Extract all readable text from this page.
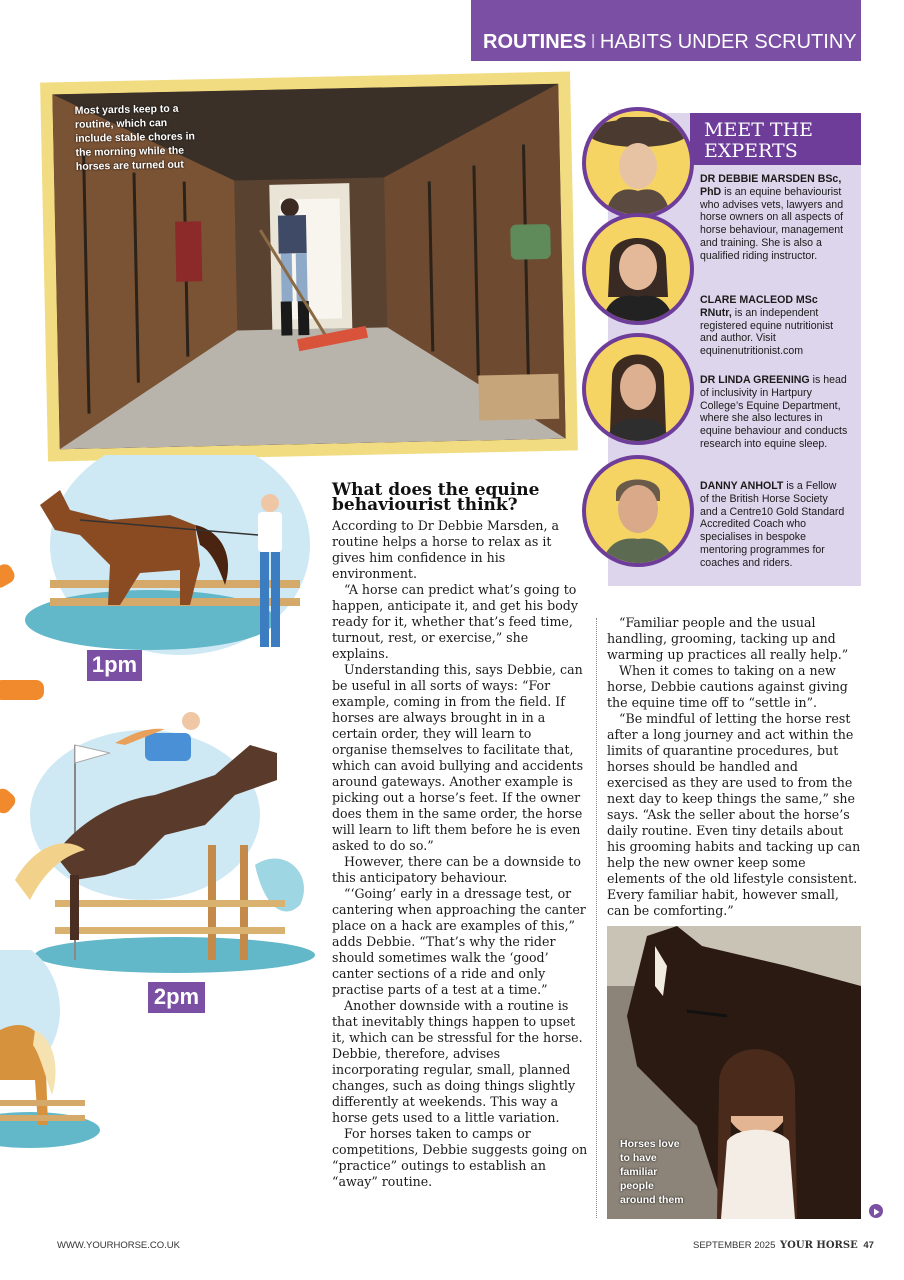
ROUTINES I HABITS UNDER SCRUTINY
Most yards keep to a routine, which can include stable chores in the morning while the horses are turned out
1pm
2pm
What does the equine behaviourist think?

According to Dr Debbie Marsden, a routine helps a horse to relax as it gives him confidence in his environment.

“A horse can predict what’s going to happen, anticipate it, and get his body ready for it, whether that’s feed time, turnout, rest, or exercise,” she explains.

Understanding this, says Debbie, can be useful in all sorts of ways: “For example, coming in from the field. If horses are always brought in in a certain order, they will learn to organise themselves to facilitate that, which can avoid bullying and accidents around gateways. Another example is picking out a horse’s feet. If the owner does them in the same order, the horse will learn to lift them before he is even asked to do so.”

However, there can be a downside to this anticipatory behaviour.

“‘Going’ early in a dressage test, or cantering when approaching the canter place on a hack are examples of this,” adds Debbie. “That’s why the rider should sometimes walk the ‘good’ canter sections of a ride and only practise parts of a test at a time.”

Another downside with a routine is that inevitably things happen to upset it, which can be stressful for the horse. Debbie, therefore, advises incorporating regular, small, planned changes, such as doing things slightly differently at weekends. This way a horse gets used to a little variation.

For horses taken to camps or competitions, Debbie suggests going on “practice” outings to establish an “away” routine.

“Familiar people and the usual handling, grooming, tacking up and warming up practices all really help.”

When it comes to taking on a new horse, Debbie cautions against giving the equine time off to “settle in”.

“Be mindful of letting the horse rest after a long journey and act within the limits of quarantine procedures, but horses should be handled and exercised as they are used to from the next day to keep things the same,” she says. “Ask the seller about the horse’s daily routine. Even tiny details about his grooming habits and tacking up can help the new owner keep some elements of the old lifestyle consistent. Every familiar habit, however small, can be comforting.”

MEET THE
EXPERTS
DR DEBBIE MARSDEN BSc, PhD is an equine behaviourist who advises vets, lawyers and horse owners on all aspects of horse behaviour, management and training. She is also a qualified riding instructor.
CLARE MACLEOD MSc RNutr, is an independent registered equine nutritionist and author. Visit equinenutritionist.com
DR LINDA GREENING is head of inclusivity in Hartpury College’s Equine Department, where she also lectures in equine behaviour and conducts research into equine sleep.
DANNY ANHOLT is a Fellow of the British Horse Society and a Centre10 Gold Standard Accredited Coach who specialises in bespoke mentoring programmes for coaches and riders.
Horses love to have familiar people around them
WWW.YOURHORSE.CO.UK	SEPTEMBER 2025 YOUR HORSE 47
